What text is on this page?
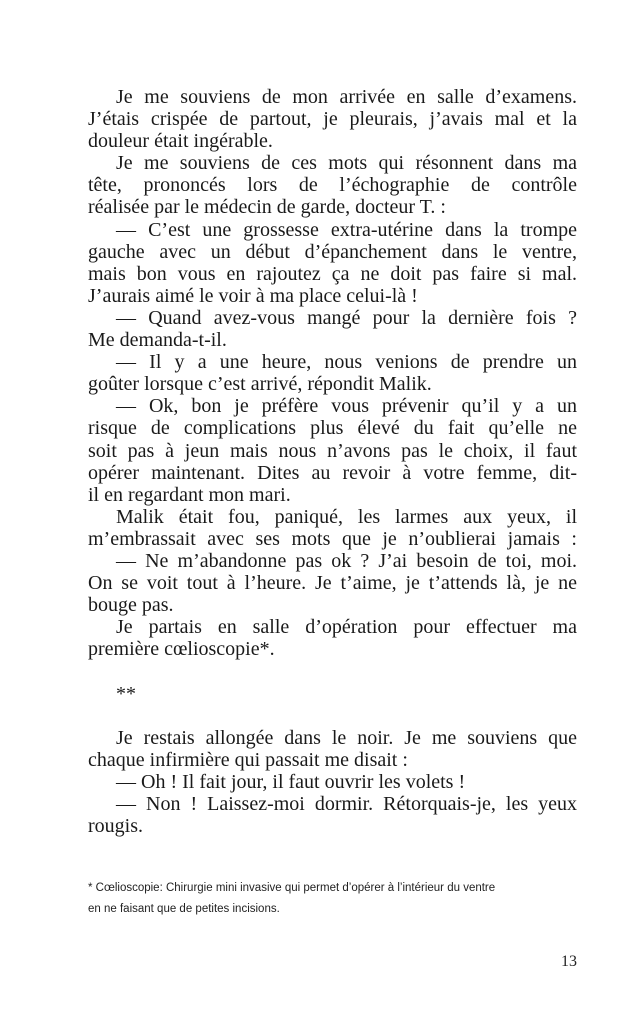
Je me souviens de mon arrivée en salle d’examens.
J’étais crispée de partout, je pleurais, j’avais mal et la
douleur était ingérable.
Je me souviens de ces mots qui résonnent dans ma
tête, prononcés lors de l’échographie de contrôle
réalisée par le médecin de garde, docteur T. :
— C’est une grossesse extra-utérine dans la trompe
gauche avec un début d’épanchement dans le ventre,
mais bon vous en rajoutez ça ne doit pas faire si mal.
J’aurais aimé le voir à ma place celui-là !
— Quand avez-vous mangé pour la dernière fois ?
Me demanda-t-il.
— Il y a une heure, nous venions de prendre un
goûter lorsque c’est arrivé, répondit Malik.
— Ok, bon je préfère vous prévenir qu’il y a un
risque de complications plus élevé du fait qu’elle ne
soit pas à jeun mais nous n’avons pas le choix, il faut
opérer maintenant. Dites au revoir à votre femme, dit-
il en regardant mon mari.
Malik était fou, paniqué, les larmes aux yeux, il
m’embrassait avec ses mots que je n’oublierai jamais :
— Ne m’abandonne pas ok ? J’ai besoin de toi, moi.
On se voit tout à l’heure. Je t’aime, je t’attends là, je ne
bouge pas.
Je partais en salle d’opération pour effectuer ma
première cœlioscopie*.
**
Je restais allongée dans le noir. Je me souviens que
chaque infirmière qui passait me disait :
— Oh ! Il fait jour, il faut ouvrir les volets !
— Non ! Laissez-moi dormir. Rétorquais-je, les yeux
rougis.
* Cœlioscopie: Chirurgie mini invasive qui permet d’opérer à l’intérieur du ventre
en ne faisant que de petites incisions.
13
